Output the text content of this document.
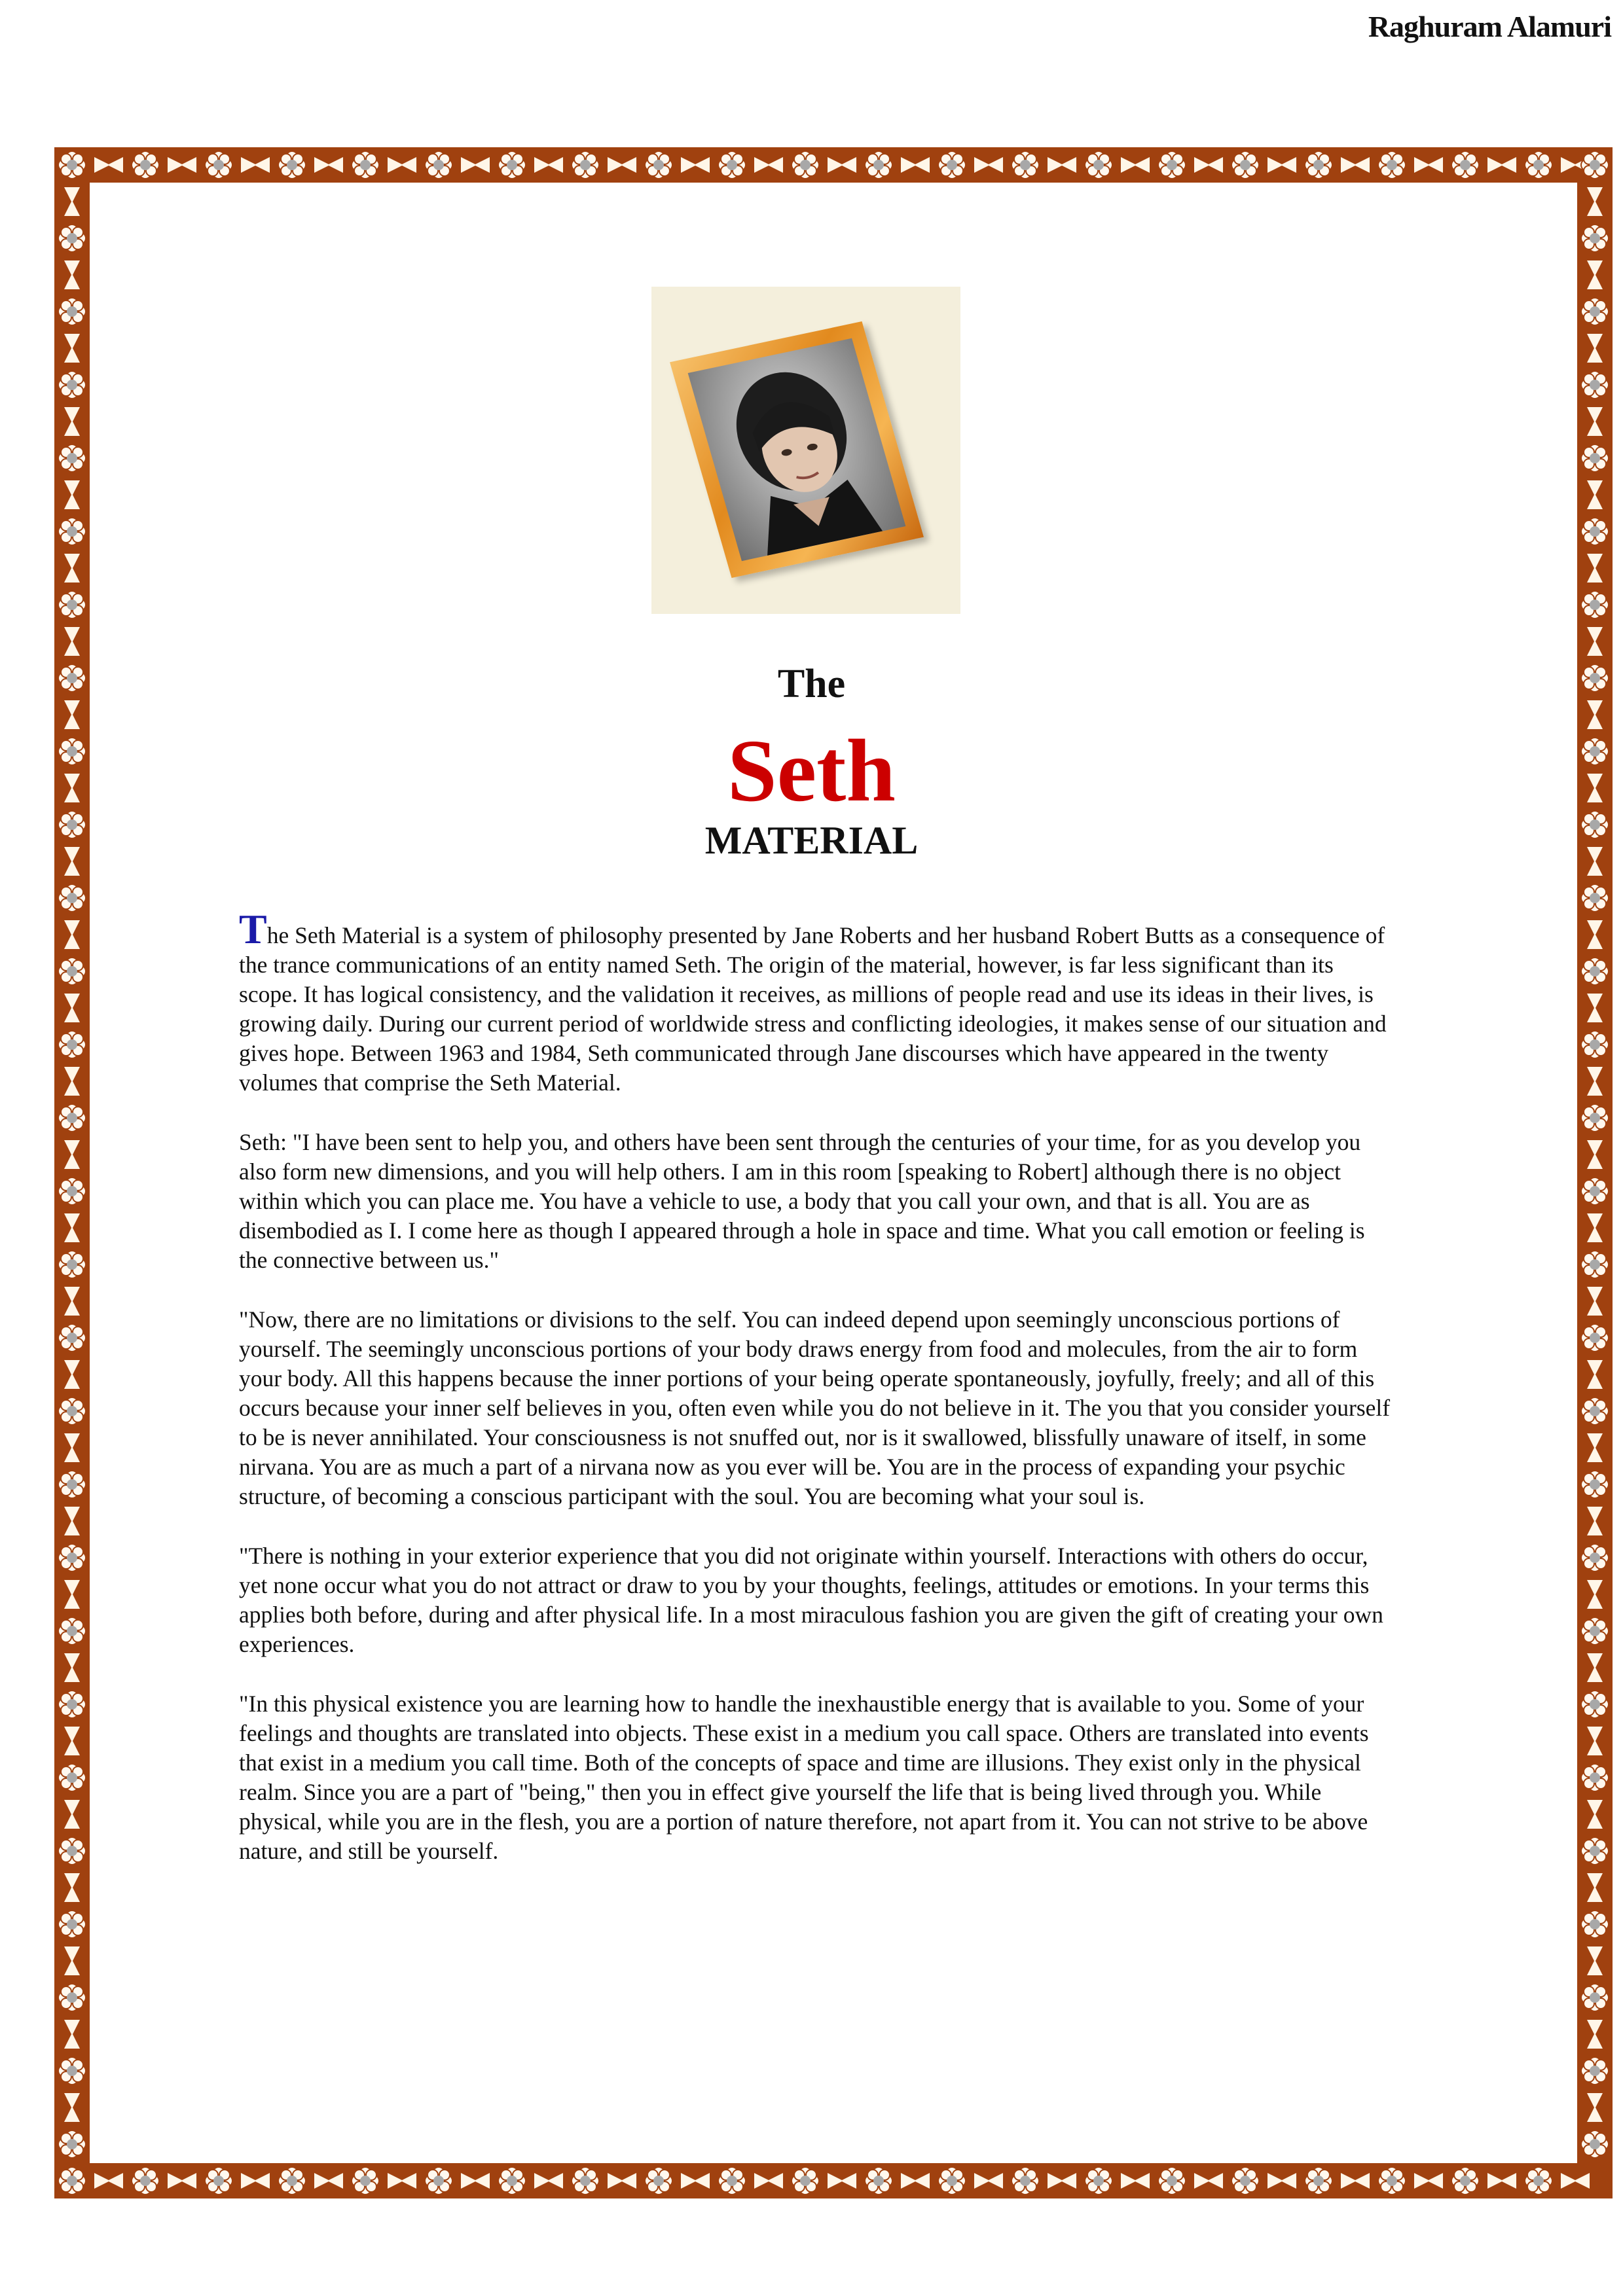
Raghuram Alamuri
The
Seth
MATERIAL

The Seth Material is a system of philosophy presented by Jane Roberts and her husband Robert Butts as a consequence of the trance communications of an entity named Seth. The origin of the material, however, is far less significant than its scope. It has logical consistency, and the validation it receives, as millions of people read and use its ideas in their lives, is growing daily. During our current period of worldwide stress and conflicting ideologies, it makes sense of our situation and gives hope. Between 1963 and 1984, Seth communicated through Jane discourses which have appeared in the twenty volumes that comprise the Seth Material.

Seth: "I have been sent to help you, and others have been sent through the centuries of your time, for as you develop you also form new dimensions, and you will help others. I am in this room [speaking to Robert] although there is no object within which you can place me. You have a vehicle to use, a body that you call your own, and that is all. You are as disembodied as I. I come here as though I appeared through a hole in space and time. What you call emotion or feeling is the connective between us."

"Now, there are no limitations or divisions to the self. You can indeed depend upon seemingly unconscious portions of yourself. The seemingly unconscious portions of your body draws energy from food and molecules, from the air to form your body. All this happens because the inner portions of your being operate spontaneously, joyfully, freely; and all of this occurs because your inner self believes in you, often even while you do not believe in it. The you that you consider yourself to be is never annihilated. Your consciousness is not snuffed out, nor is it swallowed, blissfully unaware of itself, in some nirvana. You are as much a part of a nirvana now as you ever will be. You are in the process of expanding your psychic structure, of becoming a conscious participant with the soul. You are becoming what your soul is.

"There is nothing in your exterior experience that you did not originate within yourself. Interactions with others do occur, yet none occur what you do not attract or draw to you by your thoughts, feelings, attitudes or emotions. In your terms this applies both before, during and after physical life. In a most miraculous fashion you are given the gift of creating your own experiences.

"In this physical existence you are learning how to handle the inexhaustible energy that is available to you. Some of your feelings and thoughts are translated into objects. These exist in a medium you call space. Others are translated into events that exist in a medium you call time. Both of the concepts of space and time are illusions. They exist only in the physical realm. Since you are a part of "being," then you in effect give yourself the life that is being lived through you. While physical, while you are in the flesh, you are a portion of nature therefore, not apart from it. You can not strive to be above nature, and still be yourself.
